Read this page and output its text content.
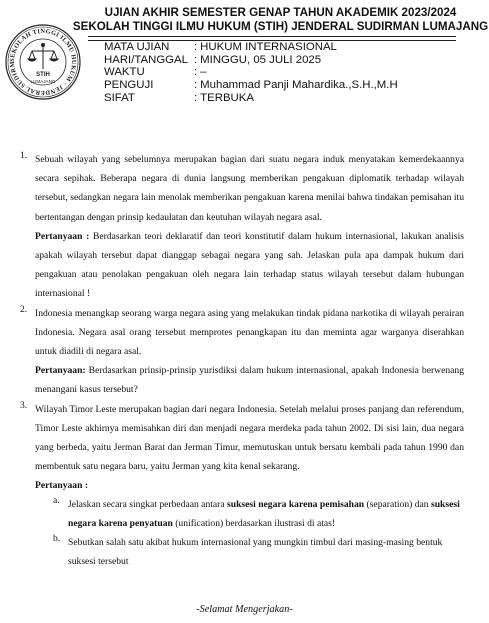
SEKOLAH TINGGI ILMU HUKUM · JENDERAL SUDIRM
STIH
LUMAJANG
UJIAN AKHIR SEMESTER GENAP TAHUN AKADEMIK 2023/2024
SEKOLAH TINGGI ILMU HUKUM (STIH) JENDERAL SUDIRMAN LUMAJANG
MATA UJIAN : HUKUM INTERNASIONAL
HARI/TANGGAL : MINGGU, 05 JULI 2025
WAKTU	: –
PENGUJI	: Muhammad Panji Mahardika.,S.H.,M.H
SIFAT	: TERBUKA
1. Sebuah wilayah yang sebelumnya merupakan bagian dari suatu negara induk menyatakan kemerdekaannya secara sepihak. Beberapa negara di dunia langsung memberikan pengakuan diplomatik terhadap wilayah tersebut, sedangkan negara lain menolak memberikan pengakuan karena menilai bahwa tindakan pemisahan itu bertentangan dengan prinsip kedaulatan dan keutuhan wilayah negara asal.
Pertanyaan : Berdasarkan teori deklaratif dan teori konstitutif dalam hukum internasional, lakukan analisis apakah wilayah tersebut dapat dianggap sebagai negara yang sah. Jelaskan pula apa dampak hukum dari pengakuan atau penolakan pengakuan oleh negara lain terhadap status wilayah tersebut dalam hubungan internasional !
2. Indonesia menangkap seorang warga negara asing yang melakukan tindak pidana narkotika di wilayah perairan Indonesia. Negara asal orang tersebut memprotes penangkapan itu dan meminta agar warganya diserahkan untuk diadili di negara asal.
Pertanyaan: Berdasarkan prinsip-prinsip yurisdiksi dalam hukum internasional, apakah Indonesia berwenang menangani kasus tersebut?
3. Wilayah Timor Leste merupakan bagian dari negara Indonesia. Setelah melalui proses panjang dan referendum, Timor Leste akhirnya memisahkan diri dan menjadi negara merdeka pada tahun 2002. Di sisi lain, dua negara yang berbeda, yaitu Jerman Barat dan Jerman Timur, memutuskan untuk bersatu kembali pada tahun 1990 dan membentuk satu negara baru, yaitu Jerman yang kita kenal sekarang.
Pertanyaan :
a. Jelaskan secara singkat perbedaan antara suksesi negara karena pemisahan (separation) dan suksesi negara karena penyatuan (unification) berdasarkan ilustrasi di atas!
b. Sebutkan salah satu akibat hukum internasional yang mungkin timbul dari masing-masing bentuk suksesi tersebut
-Selamat Mengerjakan-
